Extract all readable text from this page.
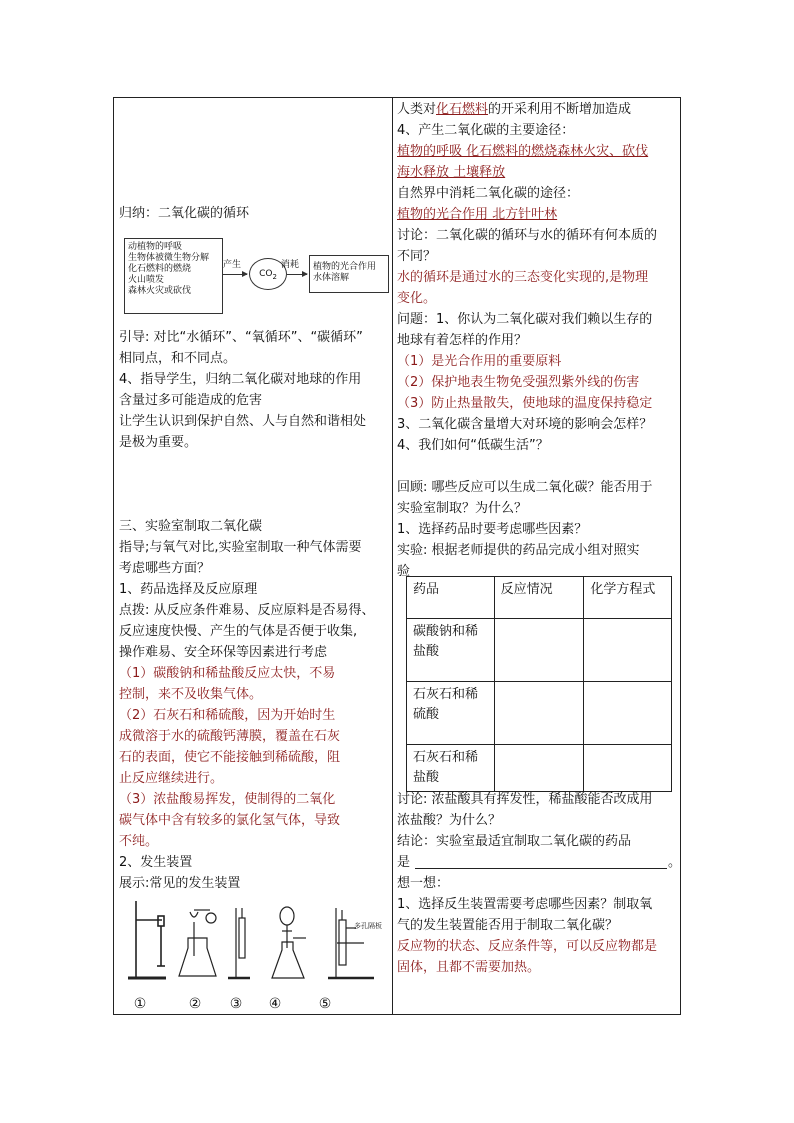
归纳：二氧化碳的循环
动植物的呼吸
生物体被微生物分解
化石燃料的燃烧
火山喷发
森林火灾或砍伐
产生
$CO_2$
消耗 植物的光合作用
水体溶解
引导: 对比“水循环”、“氧循环”、“碳循环”
相同点，和不同点。
4、指导学生，归纳二氧化碳对地球的作用
含量过多可能造成的危害
让学生认识到保护自然、人与自然和谐相处
是极为重要。
三、实验室制取二氧化碳
指导;与氧气对比,实验室制取一种气体需要
考虑哪些方面？
1、药品选择及反应原理
点拨: 从反应条件难易、反应原料是否易得、
反应速度快慢、产生的气体是否便于收集,
操作难易、安全环保等因素进行考虑
（1）碳酸钠和稀盐酸反应太快，不易
控制，来不及收集气体。
（2）石灰石和稀硫酸，因为开始时生
成微溶于水的硫酸钙薄膜，覆盖在石灰
石的表面，使它不能接触到稀硫酸，阻
止反应继续进行。
（3）浓盐酸易挥发，使制得的二氧化
碳气体中含有较多的氯化氢气体，导致
不纯。
2、发生装置
展示:常见的发生装置
多孔隔板
①	②	③	④	⑤
人类对化石燃料的开采利用不断增加造成
4、产生二氧化碳的主要途径：
植物的呼吸 化石燃料的燃烧森林火灾、砍伐
海水释放 土壤释放
自然界中消耗二氧化碳的途径：
植物的光合作用 北方针叶林
讨论：二氧化碳的循环与水的循环有何本质的
不同？
水的循环是通过水的三态变化实现的,是物理
变化。
问题：1、你认为二氧化碳对我们赖以生存的
地球有着怎样的作用？
（1）是光合作用的重要原料
（2）保护地表生物免受强烈紫外线的伤害
（3）防止热量散失，使地球的温度保持稳定
3、二氧化碳含量增大对环境的影响会怎样？
4、我们如何“低碳生活”？
回顾: 哪些反应可以生成二氧化碳？能否用于
实验室制取？为什么？
1、选择药品时要考虑哪些因素？
实验: 根据老师提供的药品完成小组对照实
验
药品	反应情况	化学方程式
碳酸钠和稀盐酸		
石灰石和稀硫酸		
石灰石和稀盐酸		
讨论: 浓盐酸具有挥发性，稀盐酸能否改成用
浓盐酸？为什么？
结论：实验室最适宜制取二氧化碳的药品
是	。
想一想：
1、选择反生装置需要考虑哪些因素？制取氧
气的发生装置能否用于制取二氧化碳？
反应物的状态、反应条件等，可以反应物都是
固体，且都不需要加热。
